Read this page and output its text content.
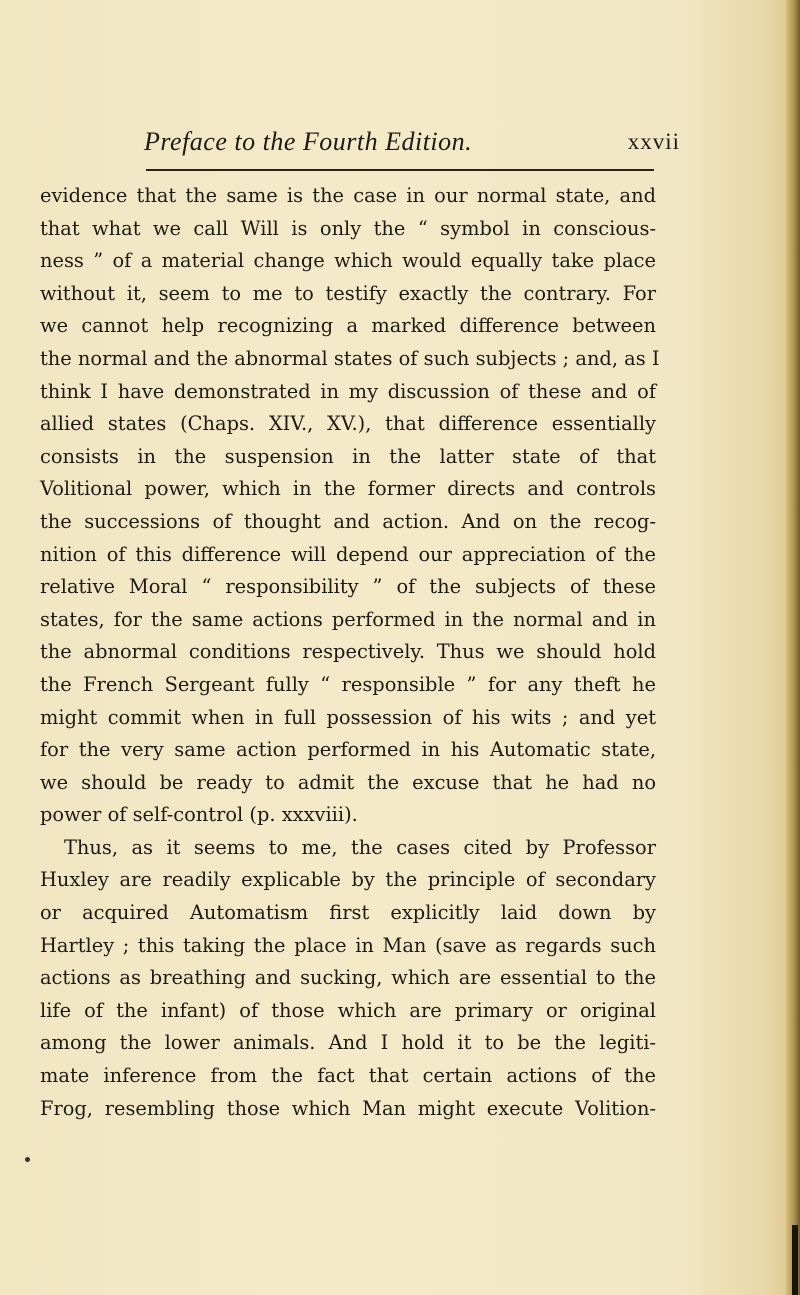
Preface to the Fourth Edition.	xxvii
evidence that the same is the case in our normal state, and
that what we call Will is only the “ symbol in conscious-
ness ” of a material change which would equally take place
without it, seem to me to testify exactly the contrary. For
we cannot help recognizing a marked difference between
the normal and the abnormal states of such subjects ; and, as I
think I have demonstrated in my discussion of these and of
allied states (Chaps. XIV., XV.), that difference essentially
consists in the suspension in the latter state of that
Volitional power, which in the former directs and controls
the successions of thought and action. And on the recog-
nition of this difference will depend our appreciation of the
relative Moral “ responsibility ” of the subjects of these
states, for the same actions performed in the normal and in
the abnormal conditions respectively. Thus we should hold
the French Sergeant fully “ responsible ” for any theft he
might commit when in full possession of his wits ; and yet
for the very same action performed in his Automatic state,
we should be ready to admit the excuse that he had no
power of self-control (p. xxxviii).
Thus, as it seems to me, the cases cited by Professor
Huxley are readily explicable by the principle of secondary
or acquired Automatism first explicitly laid down by
Hartley ; this taking the place in Man (save as regards such
actions as breathing and sucking, which are essential to the
life of the infant) of those which are primary or original
among the lower animals. And I hold it to be the legiti-
mate inference from the fact that certain actions of the
Frog, resembling those which Man might execute Volition-
